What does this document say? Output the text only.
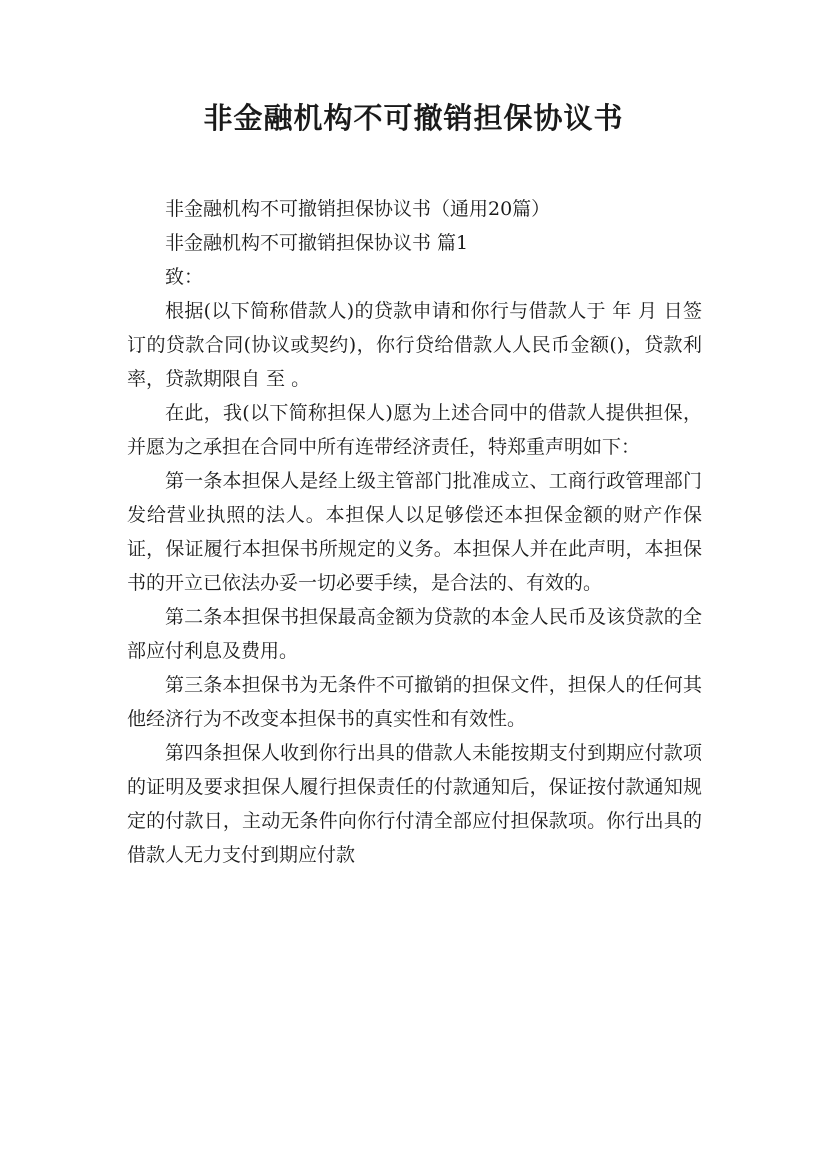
非金融机构不可撤销担保协议书

非金融机构不可撤销担保协议书（通用20篇）

非金融机构不可撤销担保协议书 篇1

致：

根据(以下简称借款人)的贷款申请和你行与借款人于 年 月 日签订的贷款合同(协议或契约)，你行贷给借款人人民币金额()，贷款利率，贷款期限自 至 。

在此，我(以下简称担保人)愿为上述合同中的借款人提供担保，并愿为之承担在合同中所有连带经济责任，特郑重声明如下：

第一条本担保人是经上级主管部门批准成立、工商行政管理部门发给营业执照的法人。本担保人以足够偿还本担保金额的财产作保证，保证履行本担保书所规定的义务。本担保人并在此声明，本担保书的开立已依法办妥一切必要手续，是合法的、有效的。

第二条本担保书担保最高金额为贷款的本金人民币及该贷款的全部应付利息及费用。

第三条本担保书为无条件不可撤销的担保文件，担保人的任何其他经济行为不改变本担保书的真实性和有效性。

第四条担保人收到你行出具的借款人未能按期支付到期应付款项的证明及要求担保人履行担保责任的付款通知后，保证按付款通知规定的付款日，主动无条件向你行付清全部应付担保款项。你行出具的借款人无力支付到期应付款
